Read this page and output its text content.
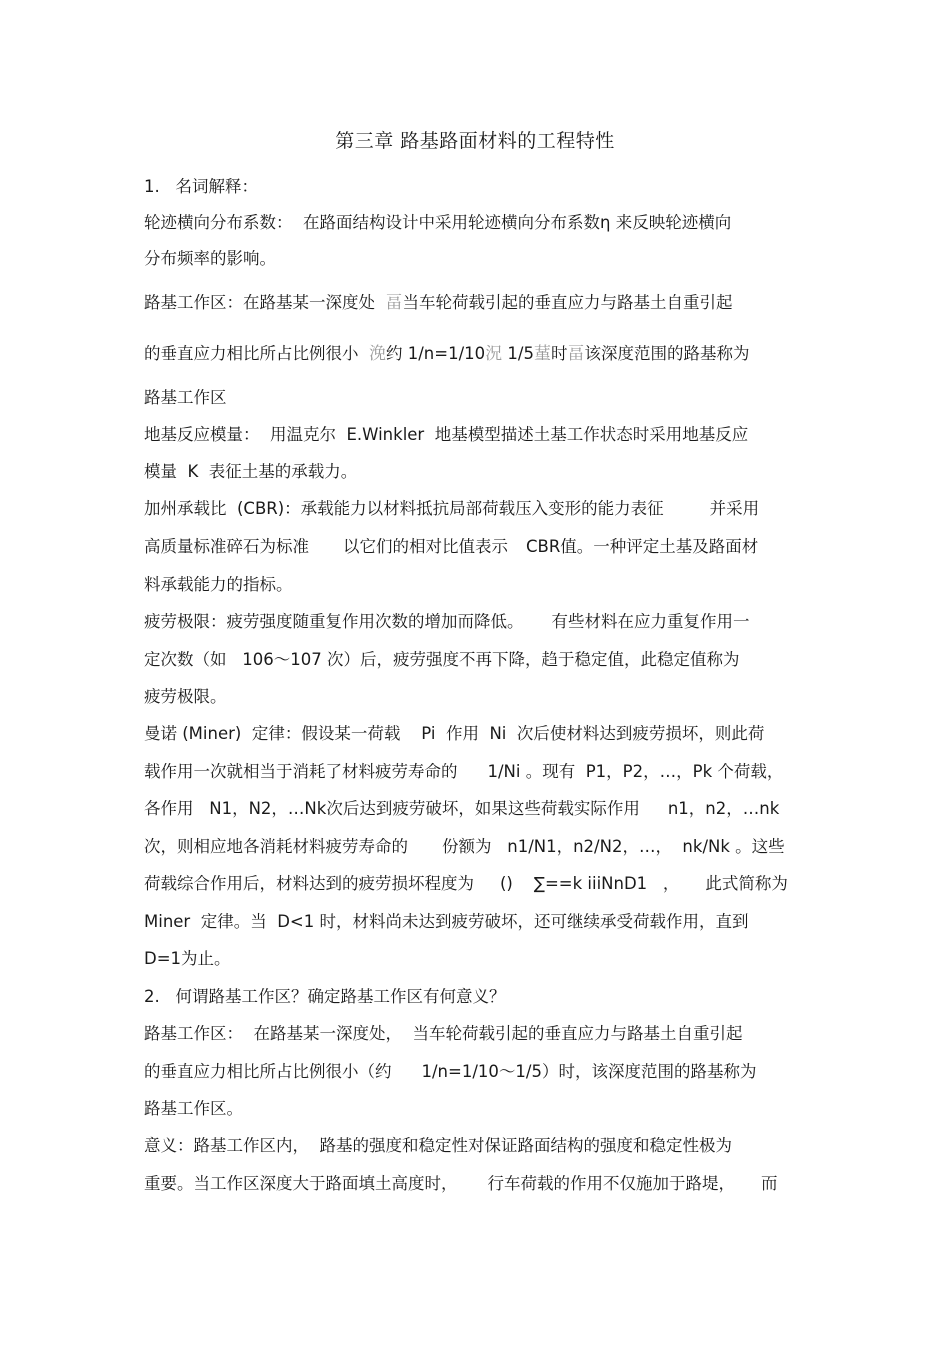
第三章 路基路面材料的工程特性
1.   名词解释：
轮迹横向分布系数：  在路面结构设计中采用轮迹横向分布系数η 来反映轮迹横向
分布频率的影响。
路基工作区：在路基某一深度处  畐当车轮荷载引起的垂直应力与路基土自重引起
的垂直应力相比所占比例很小  浼约 1/n=1/10況 1/5蓳时畐该深度范围的路基称为
路基工作区
地基反应模量：  用温克尔  E.Winkler  地基模型描述土基工作状态时采用地基反应
模量  K  表征土基的承载力。
加州承载比  (CBR)：承载能力以材料抵抗局部荷载压入变形的能力表征	并采用
高质量标准碎石为标准 以它们的相对比值表示 CBR值。一种评定土基及路面材
料承载能力的指标。
疲劳极限：疲劳强度随重复作用次数的增加而降低。 有些材料在应力重复作用一
定次数（如   106～107 次）后，疲劳强度不再下降，趋于稳定值，此稳定值称为
疲劳极限。
曼诺 (Miner)  定律：假设某一荷载    Pi  作用  Ni  次后使材料达到疲劳损坏，则此荷
载作用一次就相当于消耗了材料疲劳寿命的 1/Ni 。现有  P1，P2，…，Pk 个荷载，
各作用   N1，N2，…Nk次后达到疲劳破坏，如果这些荷载实际作用 n1，n2，…nk
次，则相应地各消耗材料疲劳寿命的 份额为   n1/N1，n2/N2，…，  nk/Nk 。这些
荷载综合作用后，材料达到的疲劳损坏程度为 ()    ∑==k iiiNnD1   ， 此式简称为
Miner  定律。当  D<1 时，材料尚未达到疲劳破坏，还可继续承受荷载作用，直到
D=1为止。
2.   何谓路基工作区？确定路基工作区有何意义？
路基工作区：  在路基某一深度处，  当车轮荷载引起的垂直应力与路基土自重引起
的垂直应力相比所占比例很小（约 1/n=1/10～1/5）时，该深度范围的路基称为
路基工作区。
意义：路基工作区内，  路基的强度和稳定性对保证路面结构的强度和稳定性极为
重要。当工作区深度大于路面填土高度时， 行车荷载的作用不仅施加于路堤， 而
